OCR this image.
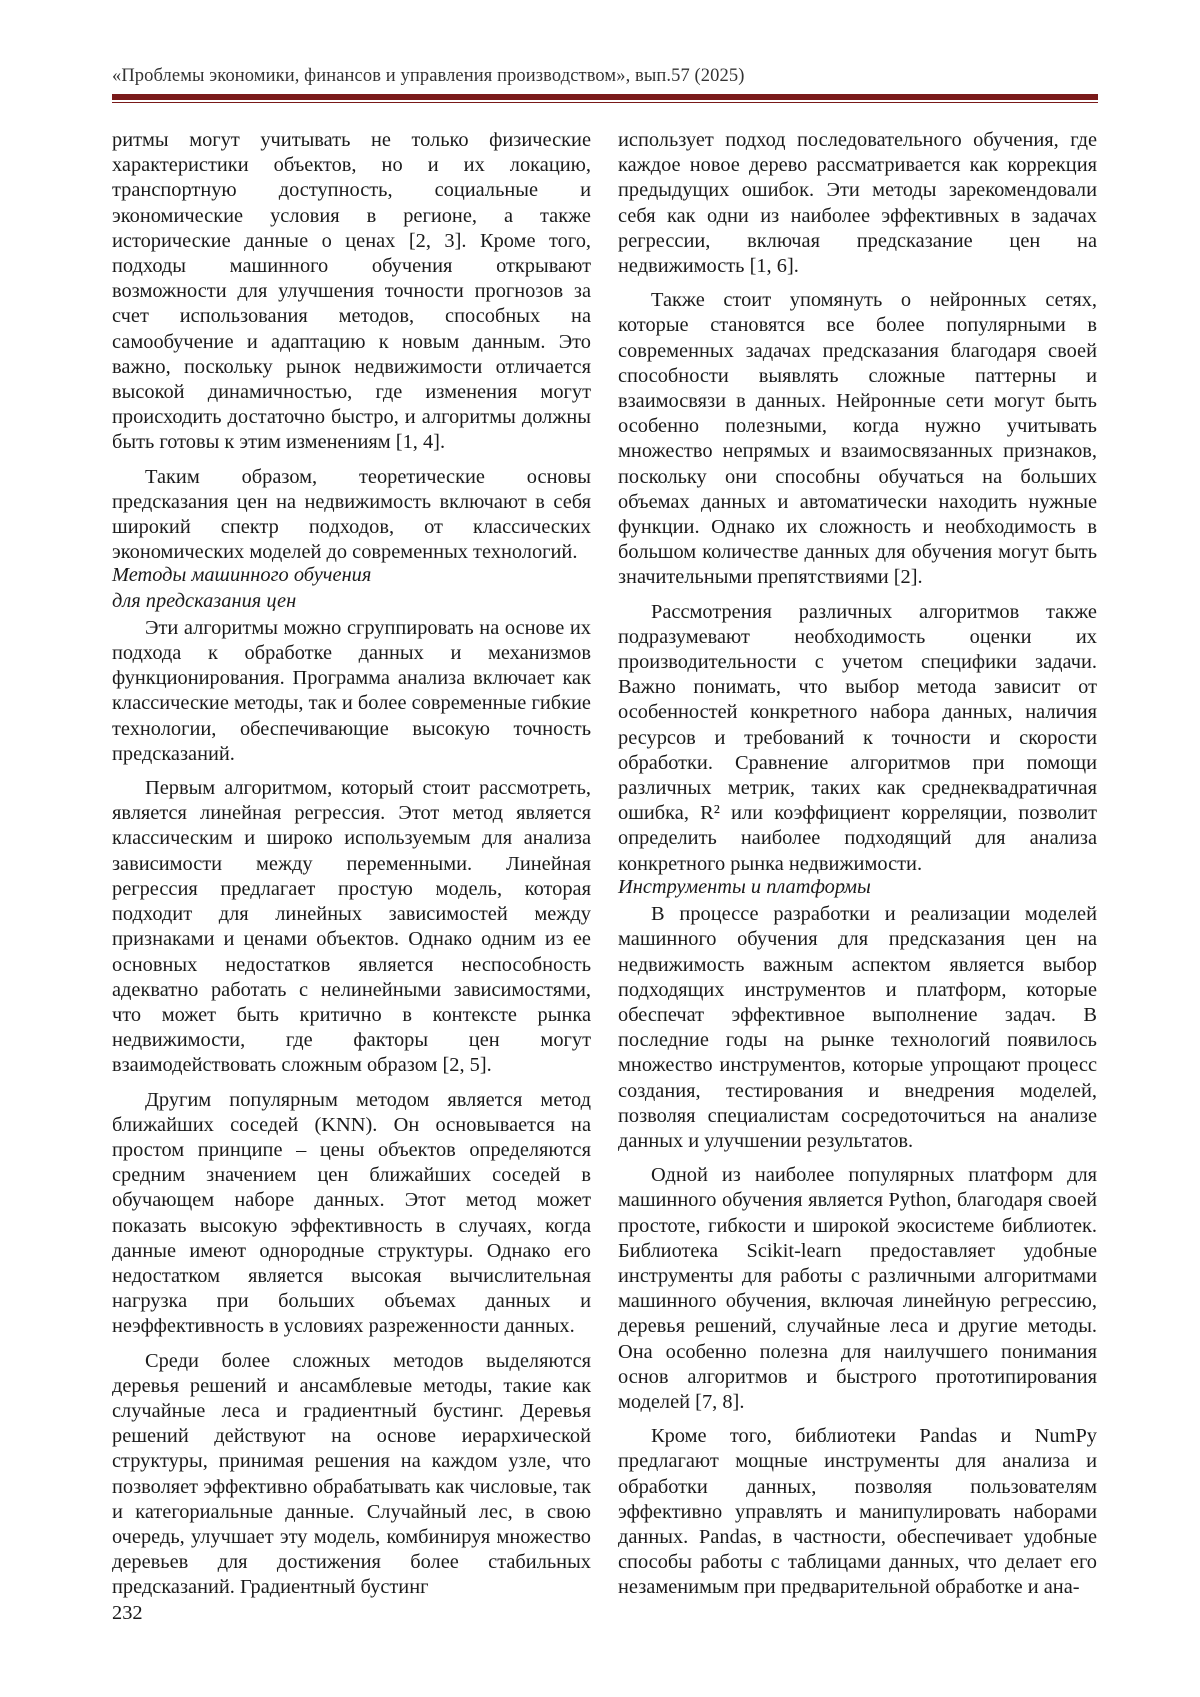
«Проблемы экономики, финансов и управления производством», вып.57 (2025)

ритмы могут учитывать не только физические характеристики объектов, но и их локацию, транспортную доступность, социальные и экономические условия в регионе, а также исторические данные о ценах [2, 3]. Кроме того, подходы машинного обучения открывают возможности для улучшения точности прогнозов за счет использования методов, способных на самообучение и адаптацию к новым данным. Это важно, поскольку рынок недвижимости отличается высокой динамичностью, где изменения могут происходить достаточно быстро, и алгоритмы должны быть готовы к этим изменениям [1, 4].

Таким образом, теоретические основы предсказания цен на недвижимость включают в себя широкий спектр подходов, от классических экономических моделей до современных технологий.

Методы машинного обучения
для предсказания цен

Эти алгоритмы можно сгруппировать на основе их подхода к обработке данных и механизмов функционирования. Программа анализа включает как классические методы, так и более современные гибкие технологии, обеспечивающие высокую точность предсказаний.

Первым алгоритмом, который стоит рассмотреть, является линейная регрессия. Этот метод является классическим и широко используемым для анализа зависимости между переменными. Линейная регрессия предлагает простую модель, которая подходит для линейных зависимостей между признаками и ценами объектов. Однако одним из ее основных недостатков является неспособность адекватно работать с нелинейными зависимостями, что может быть критично в контексте рынка недвижимости, где факторы цен могут взаимодействовать сложным образом [2, 5].

Другим популярным методом является метод ближайших соседей (KNN). Он основывается на простом принципе – цены объектов определяются средним значением цен ближайших соседей в обучающем наборе данных. Этот метод может показать высокую эффективность в случаях, когда данные имеют однородные структуры. Однако его недостатком является высокая вычислительная нагрузка при больших объемах данных и неэффективность в условиях разреженности данных.

Среди более сложных методов выделяются деревья решений и ансамблевые методы, такие как случайные леса и градиентный бустинг. Деревья решений действуют на основе иерархической структуры, принимая решения на каждом узле, что позволяет эффективно обрабатывать как числовые, так и категориальные данные. Случайный лес, в свою очередь, улучшает эту модель, комбинируя множество деревьев для достижения более стабильных предсказаний. Градиентный бустинг

использует подход последовательного обучения, где каждое новое дерево рассматривается как коррекция предыдущих ошибок. Эти методы зарекомендовали себя как одни из наиболее эффективных в задачах регрессии, включая предсказание цен на недвижимость [1, 6].

Также стоит упомянуть о нейронных сетях, которые становятся все более популярными в современных задачах предсказания благодаря своей способности выявлять сложные паттерны и взаимосвязи в данных. Нейронные сети могут быть особенно полезными, когда нужно учитывать множество непрямых и взаимосвязанных признаков, поскольку они способны обучаться на больших объемах данных и автоматически находить нужные функции. Однако их сложность и необходимость в большом количестве данных для обучения могут быть значительными препятствиями [2].

Рассмотрения различных алгоритмов также подразумевают необходимость оценки их производительности с учетом специфики задачи. Важно понимать, что выбор метода зависит от особенностей конкретного набора данных, наличия ресурсов и требований к точности и скорости обработки. Сравнение алгоритмов при помощи различных метрик, таких как среднеквадратичная ошибка, R² или коэффициент корреляции, позволит определить наиболее подходящий для анализа конкретного рынка недвижимости.

Инструменты и платформы

В процессе разработки и реализации моделей машинного обучения для предсказания цен на недвижимость важным аспектом является выбор подходящих инструментов и платформ, которые обеспечат эффективное выполнение задач. В последние годы на рынке технологий появилось множество инструментов, которые упрощают процесс создания, тестирования и внедрения моделей, позволяя специалистам сосредоточиться на анализе данных и улучшении результатов.

Одной из наиболее популярных платформ для машинного обучения является Python, благодаря своей простоте, гибкости и широкой экосистеме библиотек. Библиотека Scikit-learn предоставляет удобные инструменты для работы с различными алгоритмами машинного обучения, включая линейную регрессию, деревья решений, случайные леса и другие методы. Она особенно полезна для наилучшего понимания основ алгоритмов и быстрого прототипирования моделей [7, 8].

Кроме того, библиотеки Pandas и NumPy предлагают мощные инструменты для анализа и обработки данных, позволяя пользователям эффективно управлять и манипулировать наборами данных. Pandas, в частности, обеспечивает удобные способы работы с таблицами данных, что делает его незаменимым при предварительной обработке и ана-

232
